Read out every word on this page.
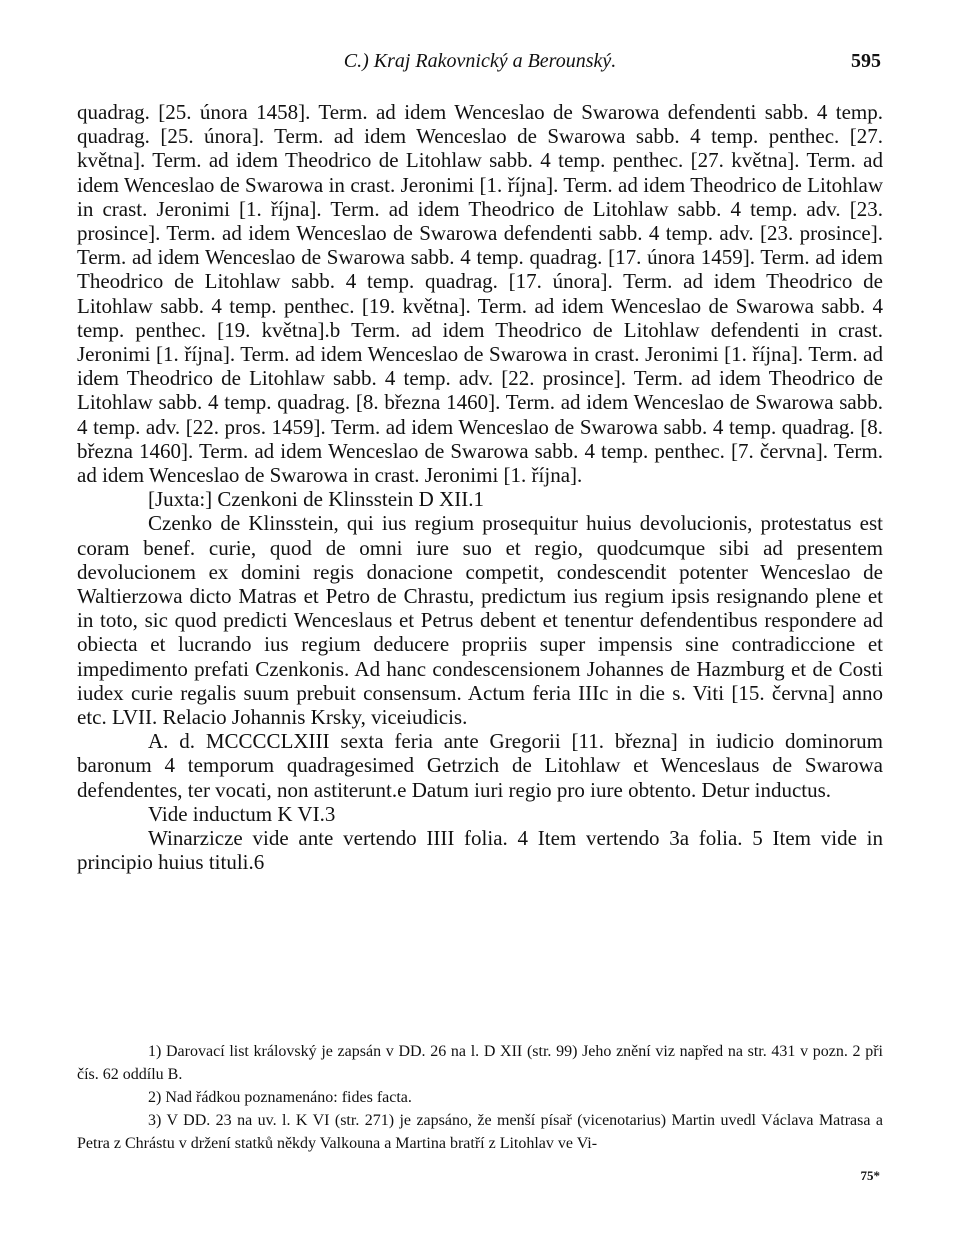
C.) Kraj Rakovnický a Berounský.	595

quadrag. [25. února 1458]. Term. ad idem Wenceslao de Swarowa defendenti sabb. 4 temp. quadrag. [25. února]. Term. ad idem Wenceslao de Swarowa sabb. 4 temp. penthec. [27. května]. Term. ad idem Theodrico de Litohlaw sabb. 4 temp. penthec. [27. května]. Term. ad idem Wenceslao de Swarowa in crast. Jeronimi [1. října]. Term. ad idem Theodrico de Litohlaw in crast. Jeronimi [1. října]. Term. ad idem Theodrico de Litohlaw sabb. 4 temp. adv. [23. prosince]. Term. ad idem Wenceslao de Swarowa defendenti sabb. 4 temp. adv. [23. prosince]. Term. ad idem Wenceslao de Swarowa sabb. 4 temp. quadrag. [17. února 1459]. Term. ad idem Theodrico de Litohlaw sabb. 4 temp. quadrag. [17. února]. Term. ad idem Theodrico de Litohlaw sabb. 4 temp. penthec. [19. května]. Term. ad idem Wenceslao de Swarowa sabb. 4 temp. penthec. [19. května].b Term. ad idem Theodrico de Litohlaw defendenti in crast. Jeronimi [1. října]. Term. ad idem Wenceslao de Swarowa in crast. Jeronimi [1. října]. Term. ad idem Theodrico de Litohlaw sabb. 4 temp. adv. [22. prosince]. Term. ad idem Theodrico de Litohlaw sabb. 4 temp. quadrag. [8. března 1460]. Term. ad idem Wenceslao de Swarowa sabb. 4 temp. adv. [22. pros. 1459]. Term. ad idem Wenceslao de Swarowa sabb. 4 temp. quadrag. [8. března 1460]. Term. ad idem Wenceslao de Swarowa sabb. 4 temp. penthec. [7. června]. Term. ad idem Wenceslao de Swarowa in crast. Jeronimi [1. října].

[Juxta:] Czenkoni de Klinsstein D XII.1

Czenko de Klinsstein, qui ius regium prosequitur huius devolucionis, protestatus est coram benef. curie, quod de omni iure suo et regio, quodcumque sibi ad presentem devolucionem ex domini regis donacione competit, condescendit potenter Wenceslao de Waltierzowa dicto Matras et Petro de Chrastu, predictum ius regium ipsis resignando plene et in toto, sic quod predicti Wenceslaus et Petrus debent et tenentur defendentibus respondere ad obiecta et lucrando ius regium deducere propriis super impensis sine contradiccione et impedimento prefati Czenkonis. Ad hanc condescensionem Johannes de Hazmburg et de Costi iudex curie regalis suum prebuit consensum. Actum feria IIIc in die s. Viti [15. června] anno etc. LVII. Relacio Johannis Krsky, viceiudicis.

A. d. MCCCCLXIII sexta feria ante Gregorii [11. března] in iudicio dominorum baronum 4 temporum quadragesimed Getrzich de Litohlaw et Wenceslaus de Swarowa defendentes, ter vocati, non astiterunt.e Datum iuri regio pro iure obtento. Detur inductus.

Vide inductum K VI.3

Winarzicze vide ante vertendo IIII folia. 4 Item vertendo 3a folia. 5 Item vide in principio huius tituli.6

1) Darovací list královský je zapsán v DD. 26 na l. D XII (str. 99) Jeho znění viz napřed na str. 431 v pozn. 2 při čís. 62 oddílu B.

2) Nad řádkou poznamenáno: fides facta.

3) V DD. 23 na uv. l. K VI (str. 271) je zapsáno, že menší písař (vicenotarius) Martin uvedl Václava Matrasa a Petra z Chrástu v držení statků někdy Valkouna a Martina bratří z Litohlav ve Vi-

75*
